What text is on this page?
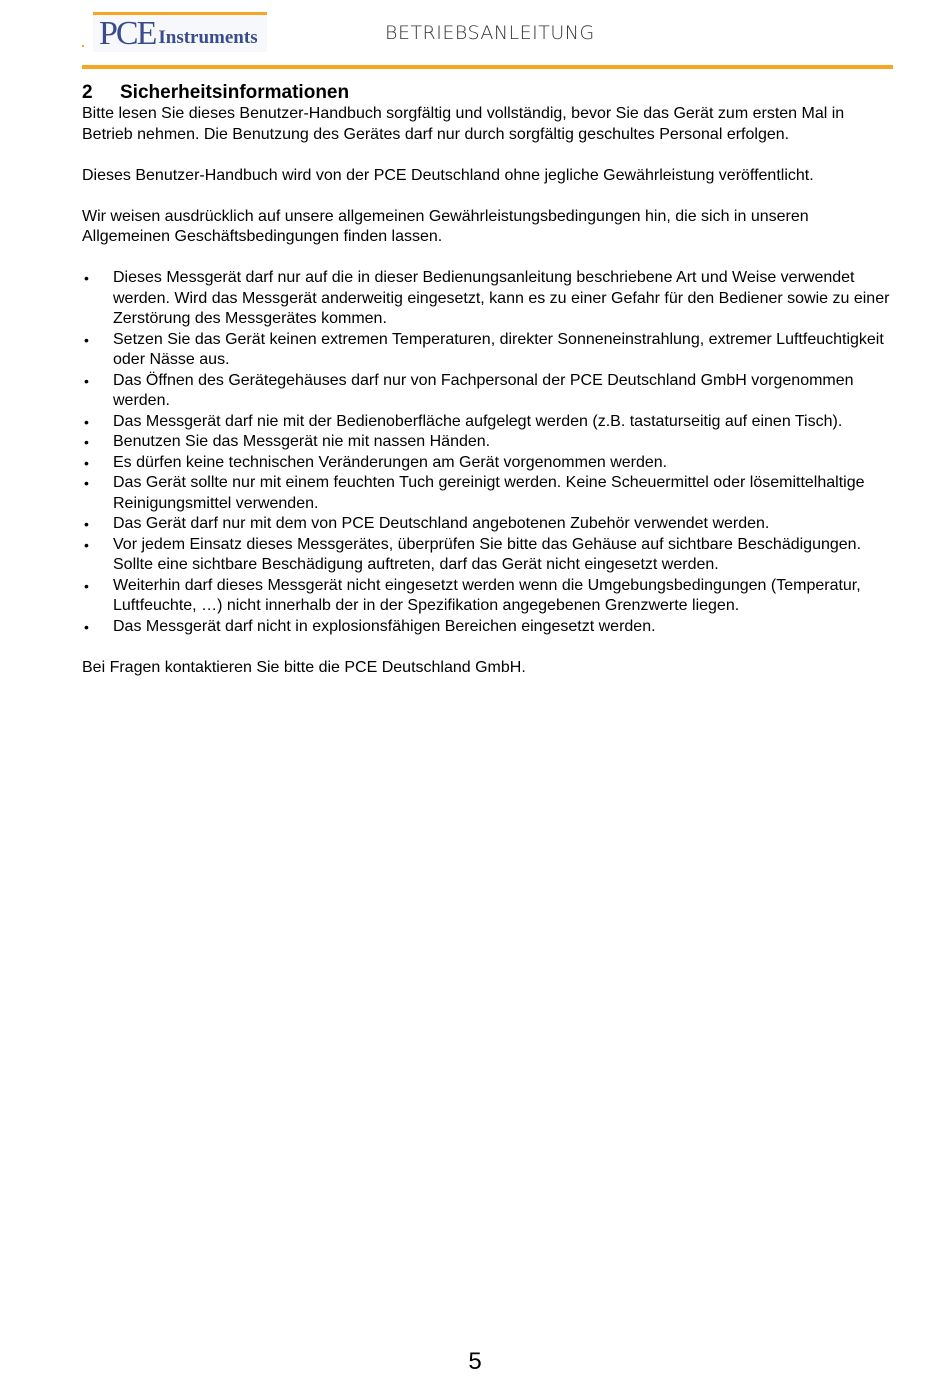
PCE Instruments	BETRIEBSANLEITUNG
2 Sicherheitsinformationen

Bitte lesen Sie dieses Benutzer-Handbuch sorgfältig und vollständig, bevor Sie das Gerät zum ersten Mal in Betrieb nehmen. Die Benutzung des Gerätes darf nur durch sorgfältig geschultes Personal erfolgen.

Dieses Benutzer-Handbuch wird von der PCE Deutschland ohne jegliche Gewährleistung veröffentlicht.

Wir weisen ausdrücklich auf unsere allgemeinen Gewährleistungsbedingungen hin, die sich in unseren Allgemeinen Geschäftsbedingungen finden lassen.

• Dieses Messgerät darf nur auf die in dieser Bedienungsanleitung beschriebene Art und Weise verwendet werden. Wird das Messgerät anderweitig eingesetzt, kann es zu einer Gefahr für den Bediener sowie zu einer Zerstörung des Messgerätes kommen.
• Setzen Sie das Gerät keinen extremen Temperaturen, direkter Sonneneinstrahlung, extremer Luftfeuchtigkeit oder Nässe aus.
• Das Öffnen des Gerätegehäuses darf nur von Fachpersonal der PCE Deutschland GmbH vorgenommen werden.
• Das Messgerät darf nie mit der Bedienoberfläche aufgelegt werden (z.B. tastaturseitig auf einen Tisch).
• Benutzen Sie das Messgerät nie mit nassen Händen.
• Es dürfen keine technischen Veränderungen am Gerät vorgenommen werden.
• Das Gerät sollte nur mit einem feuchten Tuch gereinigt werden. Keine Scheuermittel oder lösemittelhaltige Reinigungsmittel verwenden.
• Das Gerät darf nur mit dem von PCE Deutschland angebotenen Zubehör verwendet werden.
• Vor jedem Einsatz dieses Messgerätes, überprüfen Sie bitte das Gehäuse auf sichtbare Beschädigungen. Sollte eine sichtbare Beschädigung auftreten, darf das Gerät nicht eingesetzt werden.
• Weiterhin darf dieses Messgerät nicht eingesetzt werden wenn die Umgebungsbedingungen (Temperatur, Luftfeuchte, …) nicht innerhalb der in der Spezifikation angegebenen Grenzwerte liegen.
• Das Messgerät darf nicht in explosionsfähigen Bereichen eingesetzt werden.

Bei Fragen kontaktieren Sie bitte die PCE Deutschland GmbH.

5
